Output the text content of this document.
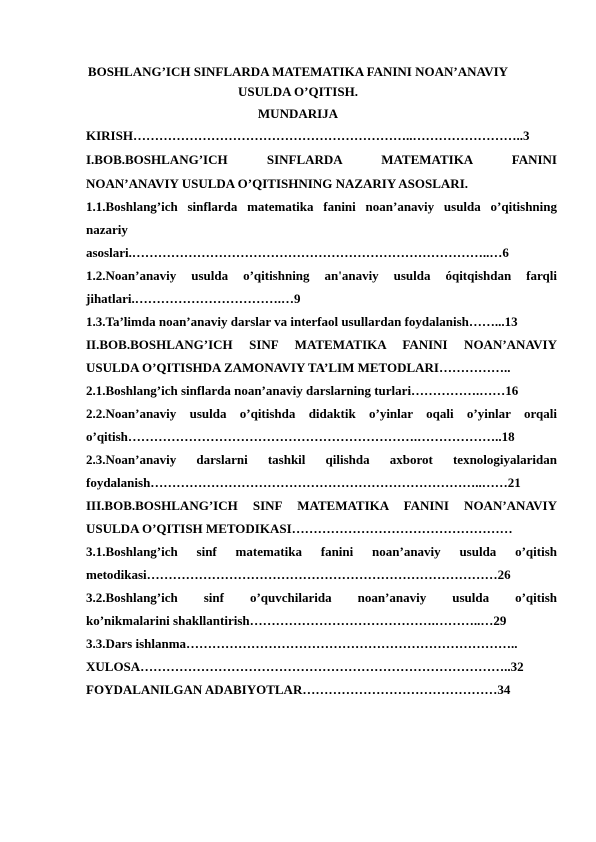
BOSHLANG’ICH SINFLARDA MATEMATIKA FANINI NOAN’ANAVIY
USULDA O’QITISH.
MUNDARIJA
KIRISH………………………………………………………..……………………..3
I.BOB.BOSHLANG’ICH SINFLARDA MATEMATIKA FANINI
NOAN’ANAVIY USULDA O’QITISHNING NAZARIY ASOSLARI.
1.1.Boshlang’ich sinflarda matematika fanini noan’anaviy usulda o’qitishning
nazariy
asoslari.………………………………………………………………………..…6
1.2.Noan’anaviy usulda o’qitishning an'anaviy usulda óqitqishdan farqli
jihatlari.…………………………….…9
1.3.Ta’limda noan’anaviy darslar va interfaol usullardan foydalanish……...13
II.BOB.BOSHLANG’ICH SINF MATEMATIKA FANINI NOAN’ANAVIY
USULDA O’QITISHDA ZAMONAVIY TA’LIM METODLARI……………..
2.1.Boshlang’ich sinflarda noan’anaviy darslarning turlari…………….……16
2.2.Noan’anaviy usulda o’qitishda didaktik o’yinlar oqali o’yinlar orqali
o’qitish………………………………………………………….………………..18
2.3.Noan’anaviy darslarni tashkil qilishda axborot texnologiyalaridan
foydalanish…………………………………………………………………..……21
III.BOB.BOSHLANG’ICH SINF MATEMATIKA FANINI NOAN’ANAVIY
USULDA O’QITISH METODIKASI……………………………………………
3.1.Boshlang’ich sinf matematika fanini noan’anaviy usulda o’qitish
metodikasi………………………………………………………………………26
3.2.Boshlang’ich sinf o’quvchilarida noan’anaviy usulda o’qitish
ko’nikmalarini shakllantirish…………………………………….………..…29
3.3.Dars ishlanma…………………………………………………………………..
XULOSA…………………………………………………………………………..32
FOYDALANILGAN ADABIYOTLAR………………………………………34
